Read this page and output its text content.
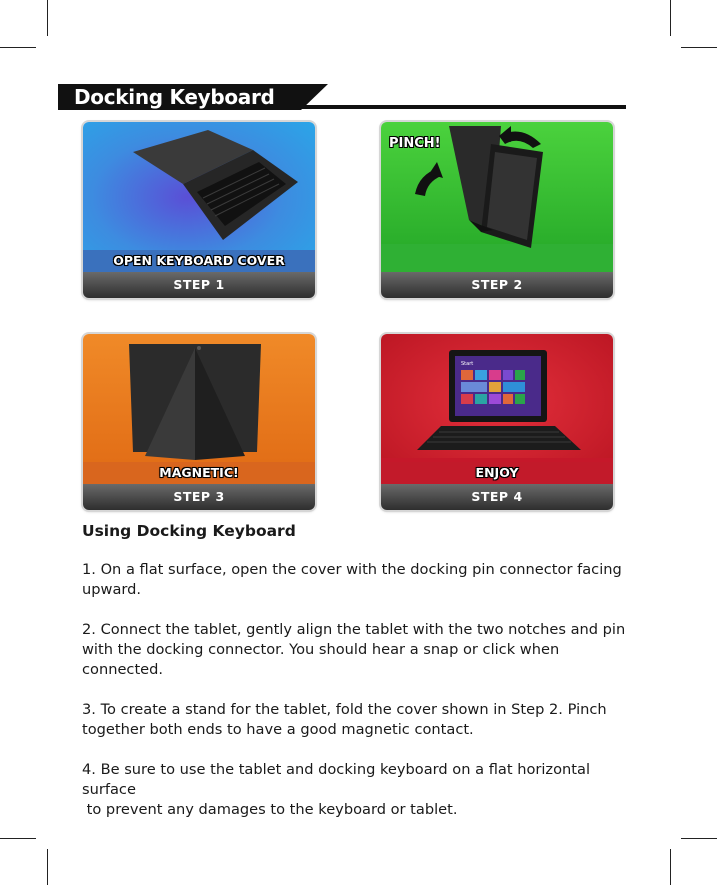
Docking Keyboard
OPEN KEYBOARD COVER
STEP 1
PINCH!
STEP 2
MAGNETIC!
STEP 3
Start
ENJOY
STEP 4
Using Docking Keyboard
1. On a flat surface, open the cover with the docking pin connector facing
upward.
2. Connect the tablet, gently align the tablet with the two notches and pin
with the docking connector. You should hear a snap or click when connected.
3. To create a stand for the tablet, fold the cover shown in Step 2. Pinch
together both ends to have a good magnetic contact.
4. Be sure to use the tablet and docking keyboard on a flat horizontal surface
to prevent any damages to the keyboard or tablet.
